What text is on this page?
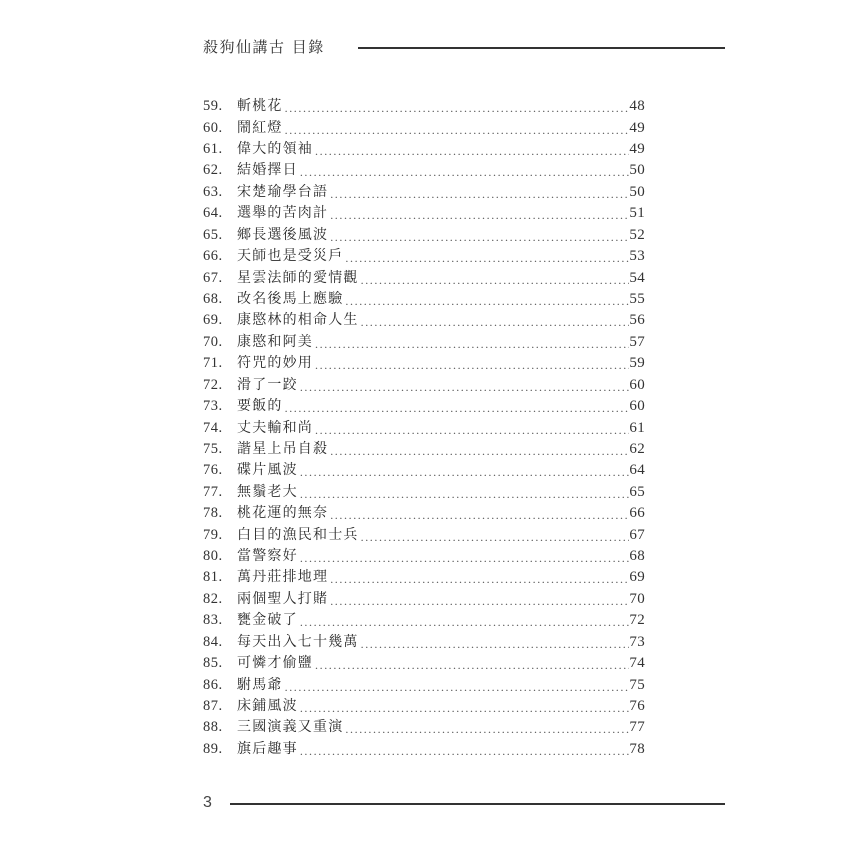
殺狗仙講古 目錄
59.	斬桃花 .....	48
60.	鬧紅燈 .....	49
61.	偉大的領袖 .....	49
62.	結婚擇日 .....	50
63.	宋楚瑜學台語 .....	50
64.	選舉的苦肉計 .....	51
65.	鄉長選後風波 .....	52
66.	天師也是受災戶 .....	53
67.	星雲法師的愛情觀 .....	54
68.	改名後馬上應驗 .....	55
69.	康愍林的相命人生 .....	56
70.	康愍和阿美 .....	57
71.	符咒的妙用 .....	59
72.	滑了一跤 .....	60
73.	要飯的 .....	60
74.	丈夫輸和尚 .....	61
75.	諧星上吊自殺 .....	62
76.	碟片風波 .....	64
77.	無鬚老大 .....	65
78.	桃花運的無奈 .....	66
79.	白目的漁民和士兵 .....	67
80.	當警察好 .....	68
81.	萬丹莊排地理 .....	69
82.	兩個聖人打賭 .....	70
83.	甕金破了 .....	72
84.	每天出入七十幾萬 .....	73
85.	可憐才偷鹽 .....	74
86.	駙馬爺 .....	75
87.	床鋪風波 .....	76
88.	三國演義又重演 .....	77
89.	旗后趣事 .....	78
3
